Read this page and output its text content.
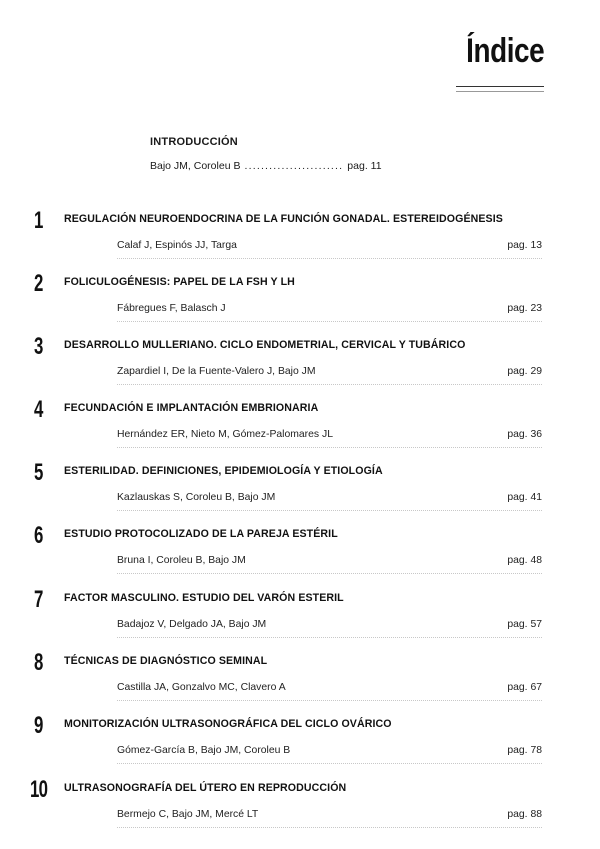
Índice
INTRODUCCIÓN
Bajo JM, Coroleu B ........................ pag. 11
1	REGULACIÓN NEUROENDOCRINA DE LA FUNCIÓN GONADAL. ESTEREIDOGÉNESIS
Calaf J, Espinós JJ, Targa	pag. 13
2	FOLICULOGÉNESIS: PAPEL DE LA FSH Y LH
Fábregues F, Balasch J	pag. 23
3	DESARROLLO MULLERIANO. CICLO ENDOMETRIAL, CERVICAL Y TUBÁRICO
Zapardiel I, De la Fuente-Valero J, Bajo JM	pag. 29
4	FECUNDACIÓN E IMPLANTACIÓN EMBRIONARIA
Hernández ER, Nieto M, Gómez-Palomares JL	pag. 36
5	ESTERILIDAD. DEFINICIONES, EPIDEMIOLOGÍA Y ETIOLOGÍA
Kazlauskas S, Coroleu B, Bajo JM	pag. 41
6	ESTUDIO PROTOCOLIZADO DE LA PAREJA ESTÉRIL
Bruna I, Coroleu B, Bajo JM	pag. 48
7	FACTOR MASCULINO. ESTUDIO DEL VARÓN ESTERIL
Badajoz V, Delgado JA, Bajo JM	pag. 57
8	TÉCNICAS DE DIAGNÓSTICO SEMINAL
Castilla JA, Gonzalvo MC, Clavero A	pag. 67
9	MONITORIZACIÓN ULTRASONOGRÁFICA DEL CICLO OVÁRICO
Gómez-García B, Bajo JM, Coroleu B	pag. 78
10 ULTRASONOGRAFÍA DEL ÚTERO EN REPRODUCCIÓN
Bermejo C, Bajo JM, Mercé LT	pag. 88
